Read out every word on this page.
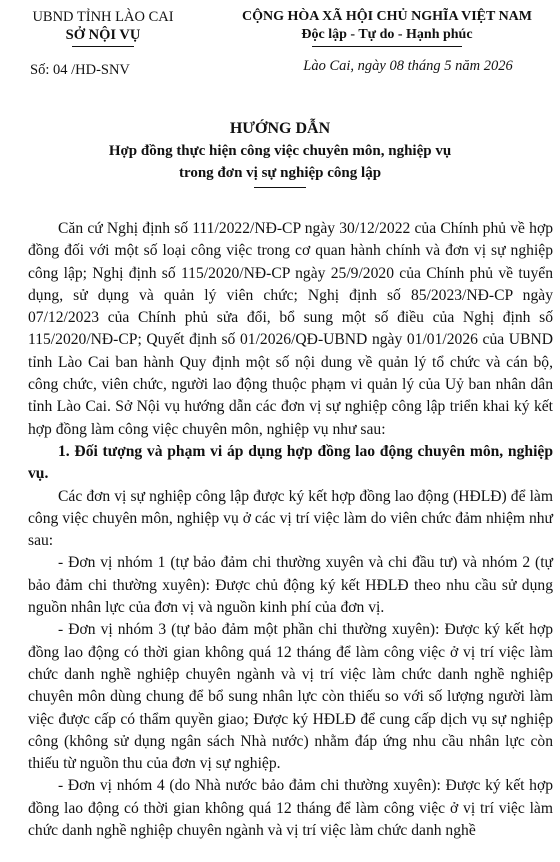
UBND TỈNH LÀO CAI
SỞ NỘI VỤ
Số: 04 /HD-SNV
CỘNG HÒA XÃ HỘI CHỦ NGHĨA VIỆT NAM
Độc lập - Tự do - Hạnh phúc
Lào Cai, ngày 08 tháng 5 năm 2026
HƯỚNG DẪN
Hợp đồng thực hiện công việc chuyên môn, nghiệp vụ
trong đơn vị sự nghiệp công lập

Căn cứ Nghị định số 111/2022/NĐ-CP ngày 30/12/2022 của Chính phủ về hợp đồng đối với một số loại công việc trong cơ quan hành chính và đơn vị sự nghiệp công lập; Nghị định số 115/2020/NĐ-CP ngày 25/9/2020 của Chính phủ về tuyển dụng, sử dụng và quản lý viên chức; Nghị định số 85/2023/NĐ-CP ngày 07/12/2023 của Chính phủ sửa đổi, bổ sung một số điều của Nghị định số 115/2020/NĐ-CP; Quyết định số 01/2026/QĐ-UBND ngày 01/01/2026 của UBND tỉnh Lào Cai ban hành Quy định một số nội dung về quản lý tổ chức và cán bộ, công chức, viên chức, người lao động thuộc phạm vi quản lý của Uỷ ban nhân dân tỉnh Lào Cai. Sở Nội vụ hướng dẫn các đơn vị sự nghiệp công lập triển khai ký kết hợp đồng làm công việc chuyên môn, nghiệp vụ như sau:

1. Đối tượng và phạm vi áp dụng hợp đồng lao động chuyên môn, nghiệp vụ.

Các đơn vị sự nghiệp công lập được ký kết hợp đồng lao động (HĐLĐ) để làm công việc chuyên môn, nghiệp vụ ở các vị trí việc làm do viên chức đảm nhiệm như sau:

- Đơn vị nhóm 1 (tự bảo đảm chi thường xuyên và chi đầu tư) và nhóm 2 (tự bảo đảm chi thường xuyên): Được chủ động ký kết HĐLĐ theo nhu cầu sử dụng nguồn nhân lực của đơn vị và nguồn kinh phí của đơn vị.

- Đơn vị nhóm 3 (tự bảo đảm một phần chi thường xuyên): Được ký kết hợp đồng lao động có thời gian không quá 12 tháng để làm công việc ở vị trí việc làm chức danh nghề nghiệp chuyên ngành và vị trí việc làm chức danh nghề nghiệp chuyên môn dùng chung để bổ sung nhân lực còn thiếu so với số lượng người làm việc được cấp có thẩm quyền giao; Được ký HĐLĐ để cung cấp dịch vụ sự nghiệp công (không sử dụng ngân sách Nhà nước) nhằm đáp ứng nhu cầu nhân lực còn thiếu từ nguồn thu của đơn vị sự nghiệp.

- Đơn vị nhóm 4 (do Nhà nước bảo đảm chi thường xuyên): Được ký kết hợp đồng lao động có thời gian không quá 12 tháng để làm công việc ở vị trí việc làm chức danh nghề nghiệp chuyên ngành và vị trí việc làm chức danh nghề
